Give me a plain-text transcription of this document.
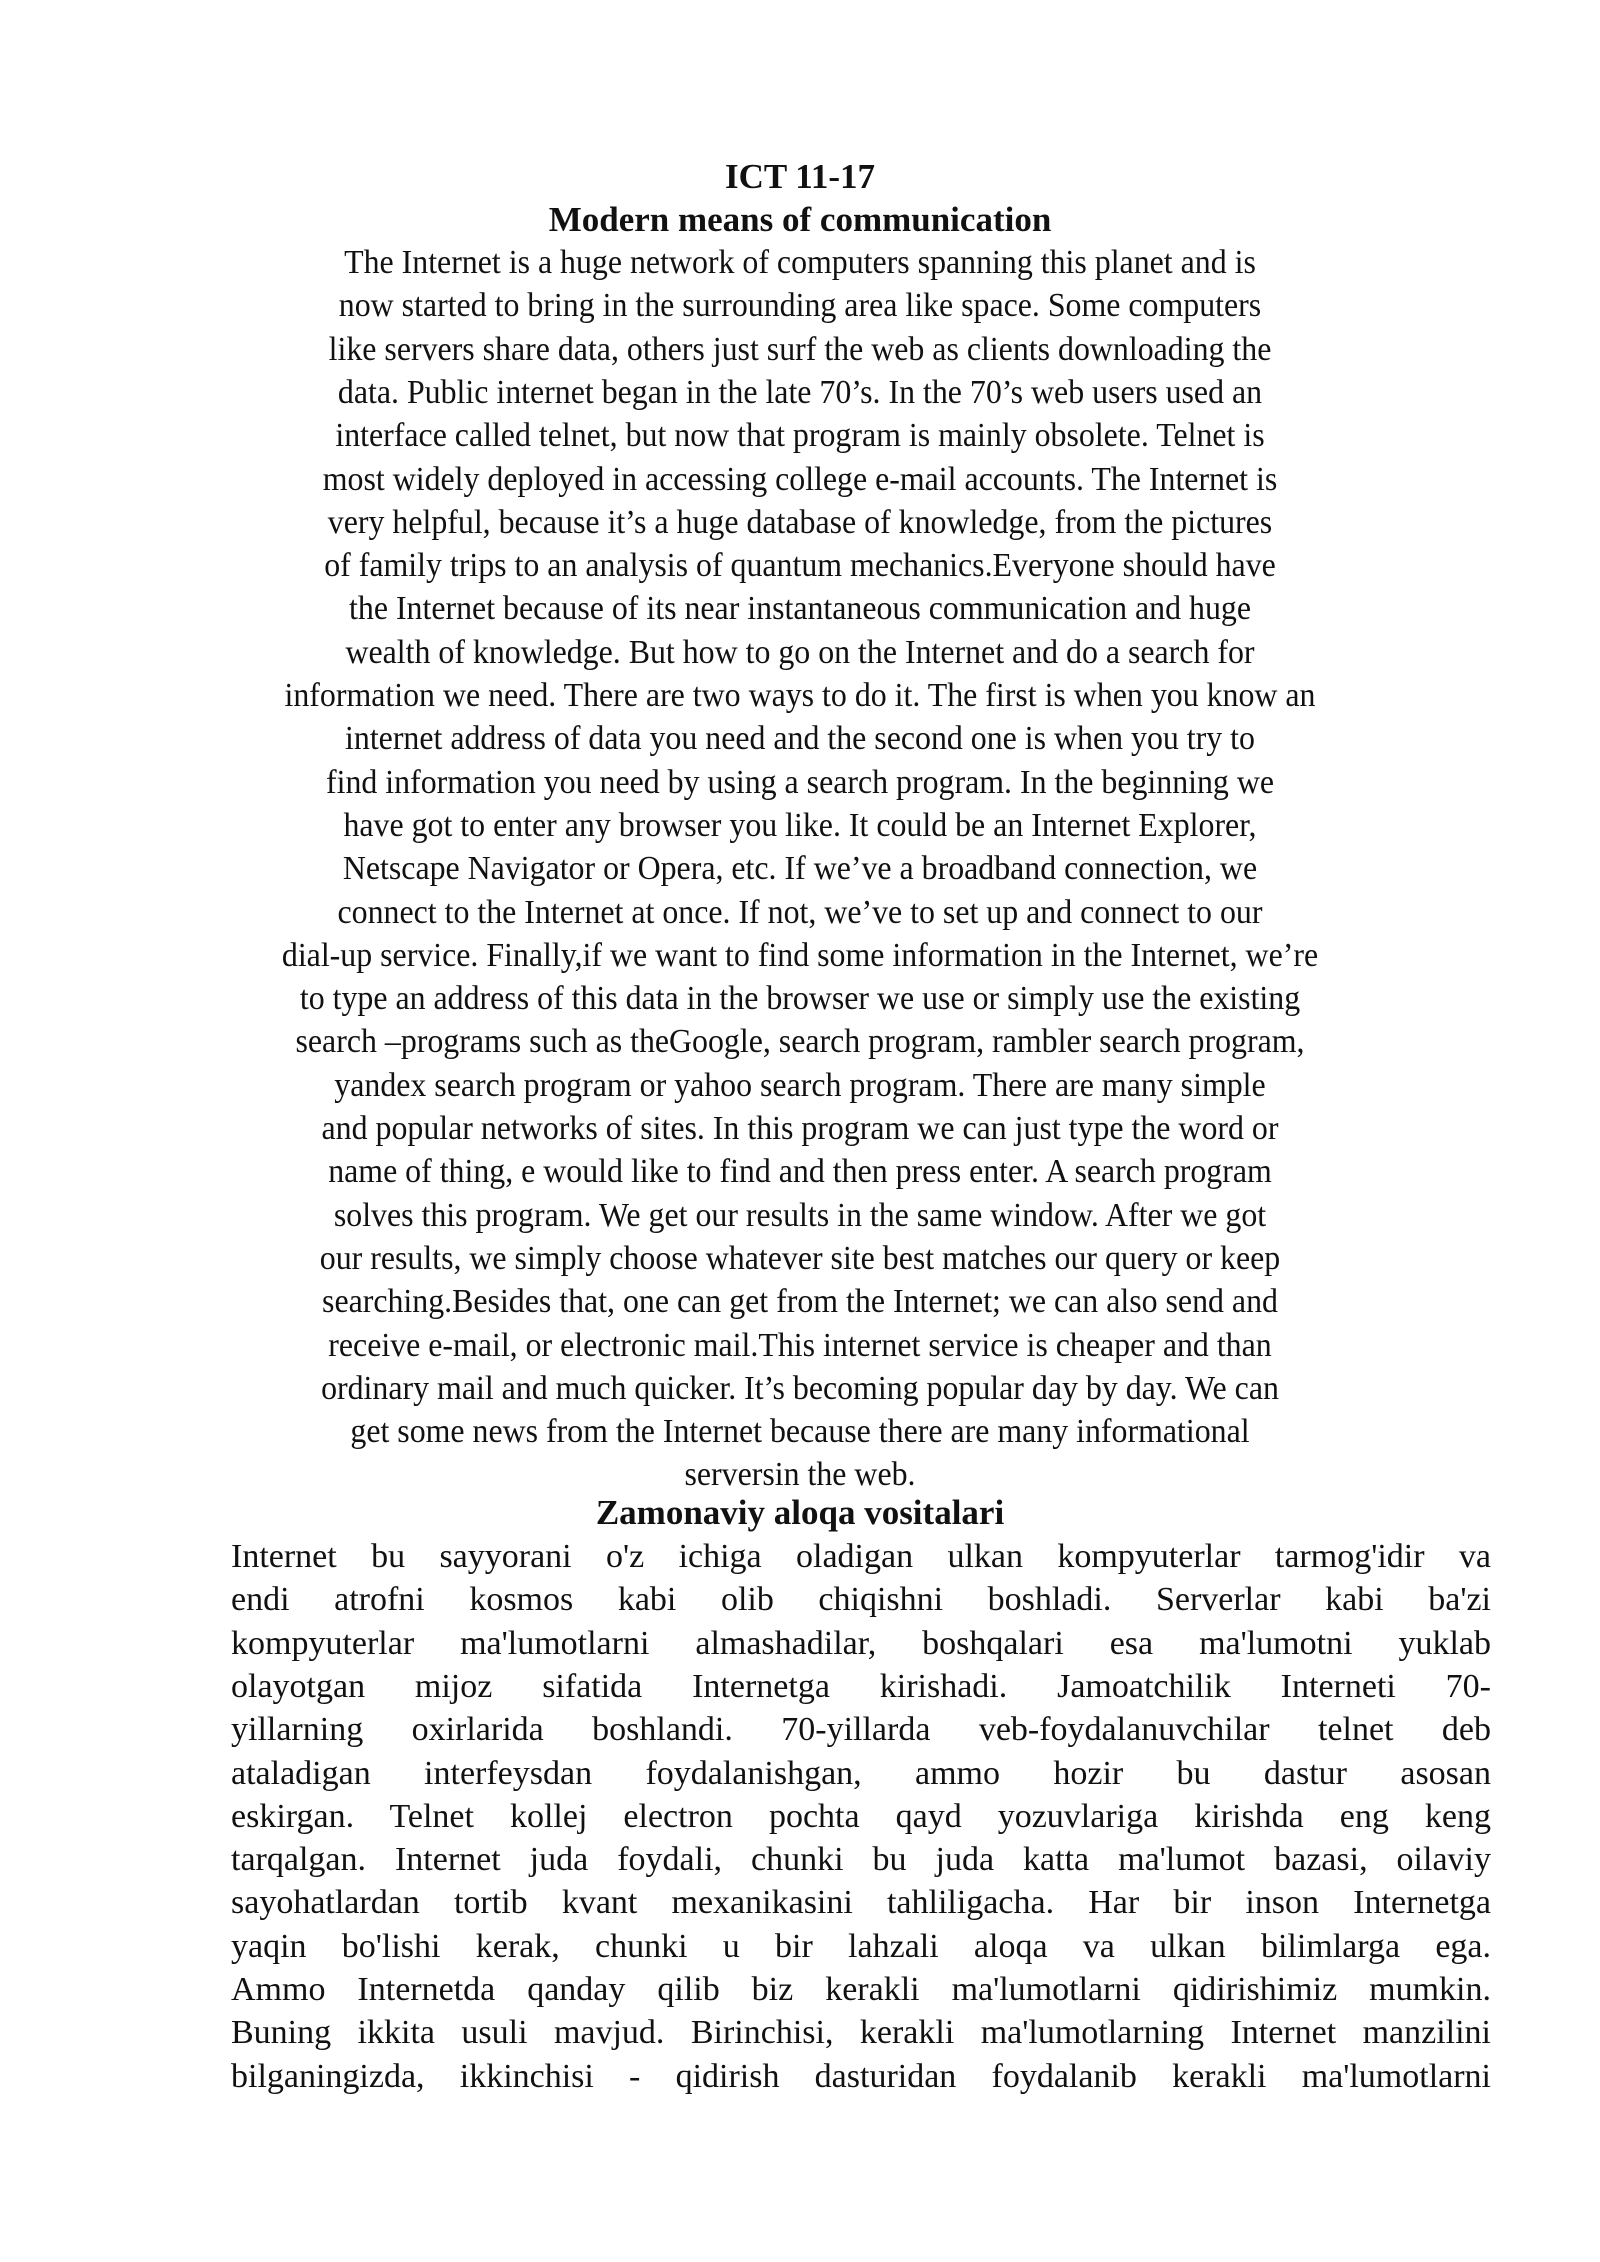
ICT 11-17
Modern means of communication
The Internet is a huge network of computers spanning this planet and is
now started to bring in the surrounding area like space. Some computers
like servers share data, others just surf the web as clients downloading the
data. Public internet began in the late 70’s. In the 70’s web users used an
interface called telnet, but now that program is mainly obsolete. Telnet is
most widely deployed in accessing college e-mail accounts. The Internet is
very helpful, because it’s a huge database of knowledge, from the pictures
of family trips to an analysis of quantum mechanics.Everyone should have
the Internet because of its near instantaneous communication and huge
wealth of knowledge. But how to go on the Internet and do a search for
information we need. There are two ways to do it. The first is when you know an
internet address of data you need and the second one is when you try to
find information you need by using a search program. In the beginning we
have got to enter any browser you like. It could be an Internet Explorer,
Netscape Navigator or Opera, etc. If we’ve a broadband connection, we
connect to the Internet at once. If not, we’ve to set up and connect to our
dial-up service. Finally,if we want to find some information in the Internet, we’re
to type an address of this data in the browser we use or simply use the existing
search –programs such as theGoogle, search program, rambler search program,
yandex search program or yahoo search program. There are many simple
and popular networks of sites. In this program we can just type the word or
name of thing, e would like to find and then press enter. A search program
solves this program. We get our results in the same window. After we got
our results, we simply choose whatever site best matches our query or keep
searching.Besides that, one can get from the Internet; we can also send and
receive e-mail, or electronic mail.This internet service is cheaper and than
ordinary mail and much quicker. It’s becoming popular day by day. We can
get some news from the Internet because there are many informational
serversin the web.
Zamonaviy aloqa vositalari
Internet bu sayyorani o'z ichiga oladigan ulkan kompyuterlar tarmog'idir va
endi atrofni kosmos kabi olib chiqishni boshladi. Serverlar kabi ba'zi
kompyuterlar ma'lumotlarni almashadilar, boshqalari esa ma'lumotni yuklab
olayotgan mijoz sifatida Internetga kirishadi. Jamoatchilik Interneti 70-
yillarning oxirlarida boshlandi. 70-yillarda veb-foydalanuvchilar telnet deb
ataladigan interfeysdan foydalanishgan, ammo hozir bu dastur asosan
eskirgan. Telnet kollej electron pochta qayd yozuvlariga kirishda eng keng
tarqalgan. Internet juda foydali, chunki bu juda katta ma'lumot bazasi, oilaviy
sayohatlardan tortib kvant mexanikasini tahliligacha. Har bir inson Internetga
yaqin bo'lishi kerak, chunki u bir lahzali aloqa va ulkan bilimlarga ega.
Ammo Internetda qanday qilib biz kerakli ma'lumotlarni qidirishimiz mumkin.
Buning ikkita usuli mavjud. Birinchisi, kerakli ma'lumotlarning Internet manzilini
bilganingizda, ikkinchisi - qidirish dasturidan foydalanib kerakli ma'lumotlarni
